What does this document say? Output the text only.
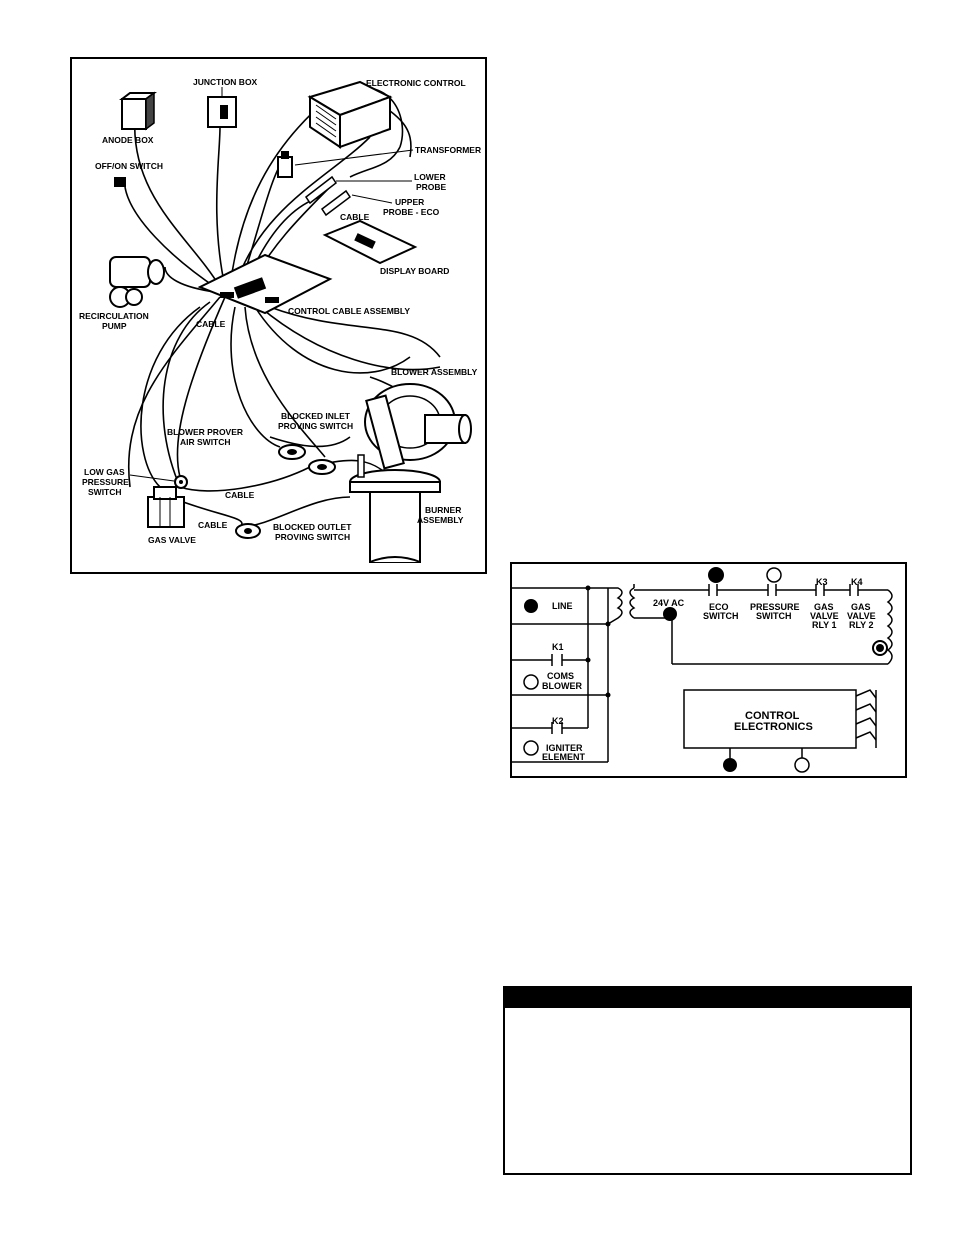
ANODE BOX
JUNCTION BOX	ELECTRONIC CONTROL
TRANSFORMER
OFF/ON SWITCH
LOWER
PROBE
UPPER
PROBE - ECO
CABLE
DISPLAY BOARD
CONTROL CABLE ASSEMBLY
CABLE
RECIRCULATION
PUMP
BLOWER ASSEMBLY
BURNER
ASSEMBLY
BLOCKED INLET
PROVING SWITCH
BLOWER PROVER
AIR SWITCH
LOW GAS
PRESSURE
SWITCH
GAS VALVE
CABLE
CABLE	BLOCKED OUTLET
PROVING SWITCH
LINE
K1
COMS
BLOWER
K2
IGNITER
ELEMENT
24V AC	ECO
SWITCH
PRESSURE
SWITCH
K3
GAS
VALVE
RLY 1
K4
GAS
VALVE
RLY 2
CONTROL
ELECTRONICS
